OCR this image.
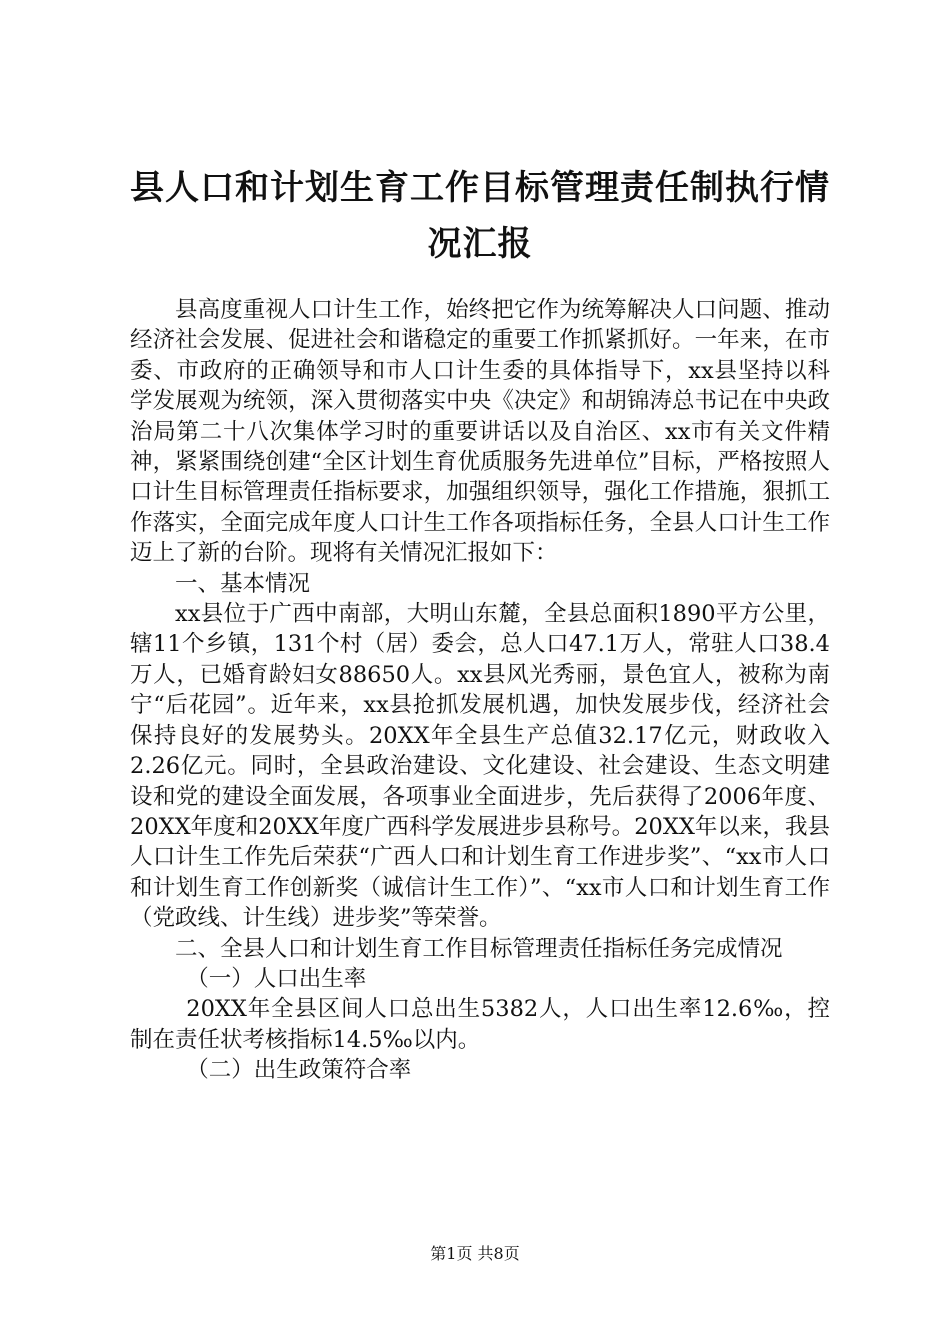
县人口和计划生育工作目标管理责任制执行情况汇报

县高度重视人口计生工作，始终把它作为统筹解决人口问题、推动经济社会发展、促进社会和谐稳定的重要工作抓紧抓好。一年来，在市委、市政府的正确领导和市人口计生委的具体指导下，xx县坚持以科学发展观为统领，深入贯彻落实中央《决定》和胡锦涛总书记在中央政治局第二十八次集体学习时的重要讲话以及自治区、xx市有关文件精神，紧紧围绕创建“全区计划生育优质服务先进单位”目标，严格按照人口计生目标管理责任指标要求，加强组织领导，强化工作措施，狠抓工作落实，全面完成年度人口计生工作各项指标任务，全县人口计生工作迈上了新的台阶。现将有关情况汇报如下：

一、基本情况

xx县位于广西中南部，大明山东麓，全县总面积1890平方公里，辖11个乡镇，131个村（居）委会，总人口47.1万人，常驻人口38.4万人，已婚育龄妇女88650人。xx县风光秀丽，景色宜人，被称为南宁“后花园”。近年来，xx县抢抓发展机遇，加快发展步伐，经济社会保持良好的发展势头。20XX年全县生产总值32.17亿元，财政收入2.26亿元。同时，全县政治建设、文化建设、社会建设、生态文明建设和党的建设全面发展，各项事业全面进步，先后获得了2006年度、20XX年度和20XX年度广西科学发展进步县称号。20XX年以来，我县人口计生工作先后荣获“广西人口和计划生育工作进步奖”、“xx市人口和计划生育工作创新奖（诚信计生工作）”、“xx市人口和计划生育工作（党政线、计生线）进步奖”等荣誉。

二、全县人口和计划生育工作目标管理责任指标任务完成情况

（一）人口出生率

20XX年全县区间人口总出生5382人，人口出生率12.6‰，控制在责任状考核指标14.5‰以内。

（二）出生政策符合率

第1页 共8页
